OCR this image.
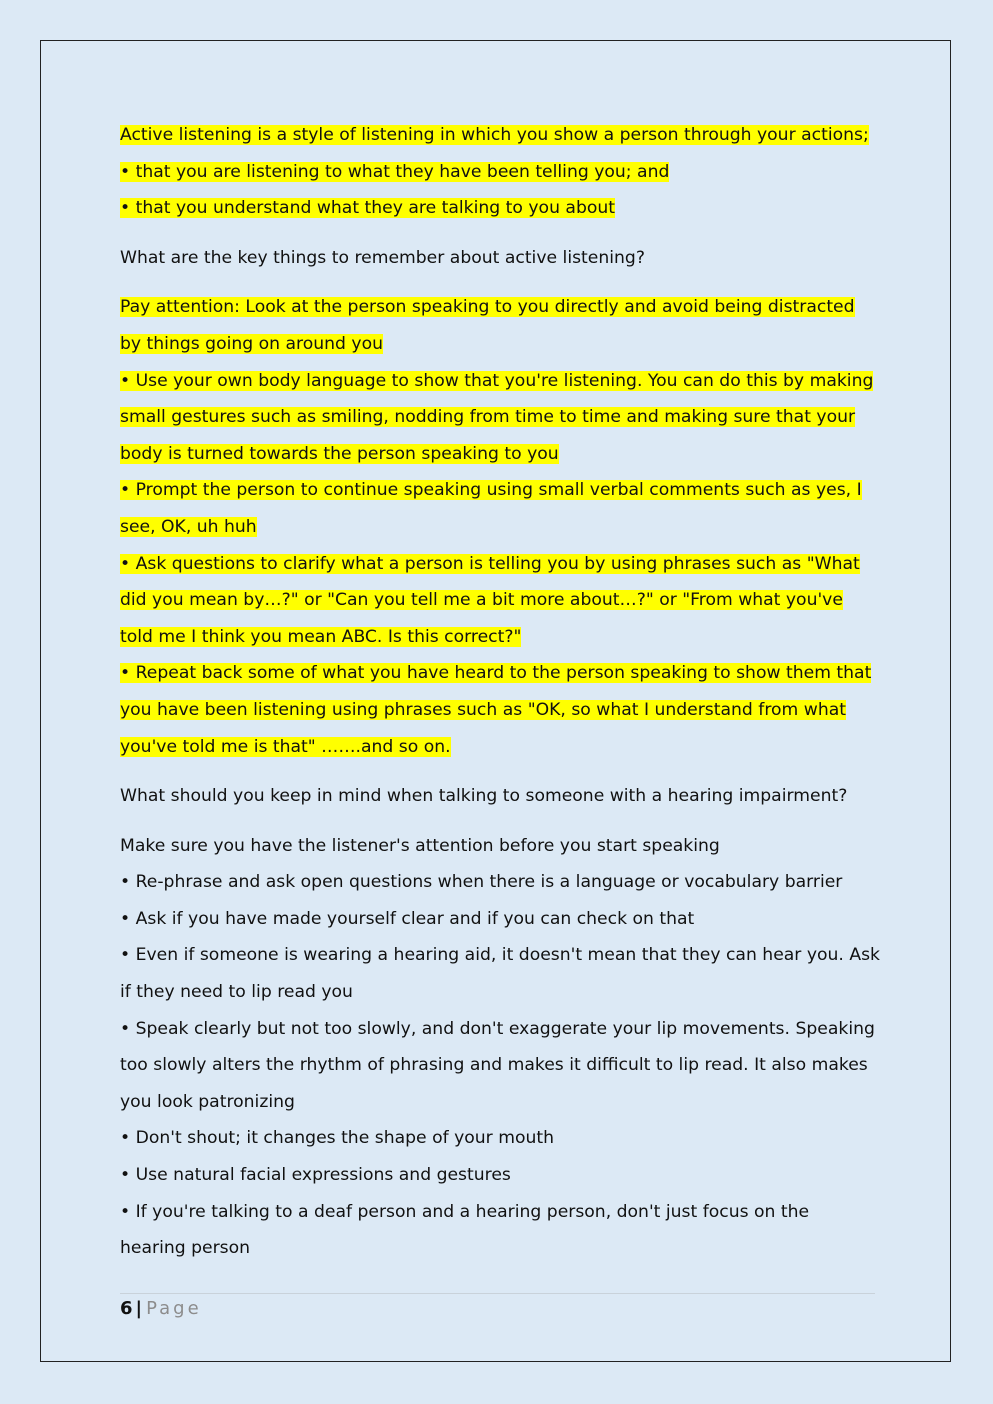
Active listening is a style of listening in which you show a person through your actions;

• that you are listening to what they have been telling you; and

• that you understand what they are talking to you about

What are the key things to remember about active listening?

Pay attention: Look at the person speaking to you directly and avoid being distracted by things going on around you

• Use your own body language to show that you're listening. You can do this by making small gestures such as smiling, nodding from time to time and making sure that your body is turned towards the person speaking to you

• Prompt the person to continue speaking using small verbal comments such as yes, I see, OK, uh huh

• Ask questions to clarify what a person is telling you by using phrases such as "What did you mean by…?" or "Can you tell me a bit more about…?" or "From what you've told me I think you mean ABC. Is this correct?"

• Repeat back some of what you have heard to the person speaking to show them that you have been listening using phrases such as "OK, so what I understand from what you've told me is that" …….and so on.

What should you keep in mind when talking to someone with a hearing impairment?

Make sure you have the listener's attention before you start speaking

• Re-phrase and ask open questions when there is a language or vocabulary barrier

• Ask if you have made yourself clear and if you can check on that

• Even if someone is wearing a hearing aid, it doesn't mean that they can hear you. Ask if they need to lip read you

• Speak clearly but not too slowly, and don't exaggerate your lip movements. Speaking too slowly alters the rhythm of phrasing and makes it difficult to lip read. It also makes you look patronizing

• Don't shout; it changes the shape of your mouth

• Use natural facial expressions and gestures

• If you're talking to a deaf person and a hearing person, don't just focus on the hearing person

6 | Page
